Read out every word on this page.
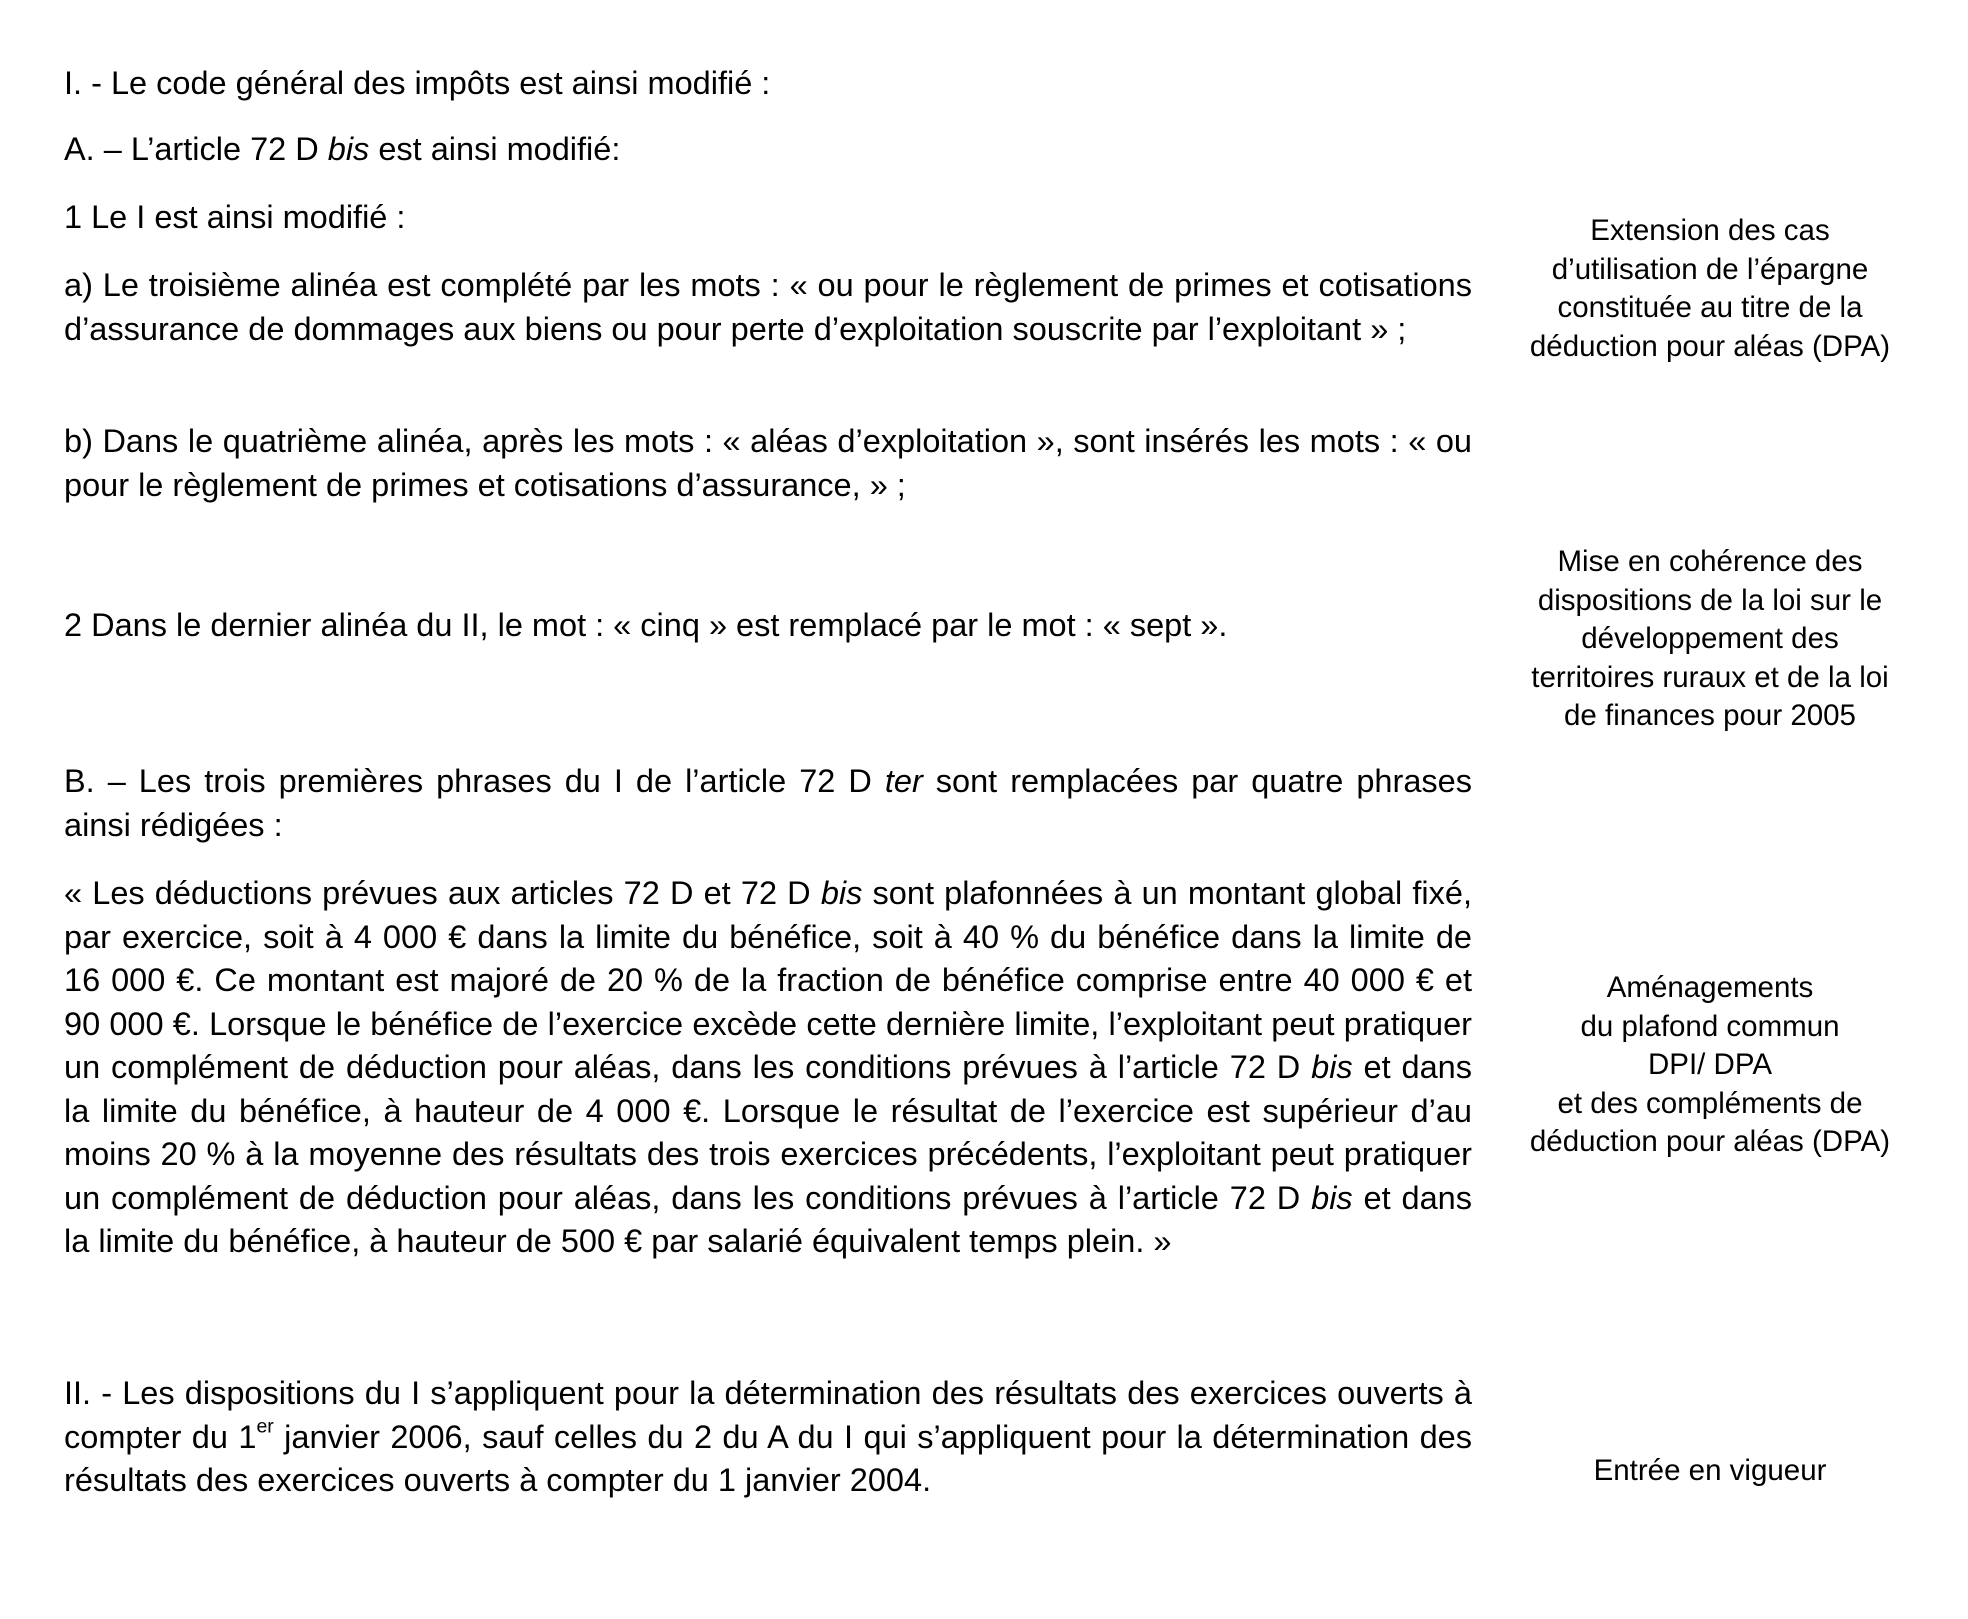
I. - Le code général des impôts est ainsi modifié :

A. – L’article 72 D bis est ainsi modifié:

1 Le I est ainsi modifié :

a) Le troisième alinéa est complété par les mots : « ou pour le règlement de primes et cotisations d’assurance de dommages aux biens ou pour perte d’exploitation souscrite par l’exploitant » ;

b) Dans le quatrième alinéa, après les mots : « aléas d’exploitation », sont insérés les mots : « ou pour le règlement de primes et cotisations d’assurance, » ;

2 Dans le dernier alinéa du II, le mot : « cinq » est remplacé par le mot : « sept ».

B. – Les trois premières phrases du I de l’article 72 D ter sont remplacées par quatre phrases ainsi rédigées :

« Les déductions prévues aux articles 72 D et 72 D bis sont plafonnées à un montant global fixé, par exercice, soit à 4 000 € dans la limite du bénéfice, soit à 40 % du bénéfice dans la limite de 16 000 €. Ce montant est majoré de 20 % de la fraction de bénéfice comprise entre 40 000 € et 90 000 €. Lorsque le bénéfice de l’exercice excède cette dernière limite, l’exploitant peut pratiquer un complément de déduction pour aléas, dans les conditions prévues à l’article 72 D bis et dans la limite du bénéfice, à hauteur de 4 000 €. Lorsque le résultat de l’exercice est supérieur d’au moins 20 % à la moyenne des résultats des trois exercices précédents, l’exploitant peut pratiquer un complément de déduction pour aléas, dans les conditions prévues à l’article 72 D bis et dans la limite du bénéfice, à hauteur de 500 € par salarié équivalent temps plein. »

II. - Les dispositions du I s’appliquent pour la détermination des résultats des exercices ouverts à compter du 1er janvier 2006, sauf celles du 2 du A du I qui s’appliquent pour la détermination des résultats des exercices ouverts à compter du 1 janvier 2004.

Extension des cas
d’utilisation de l’épargne
constituée au titre de la
déduction pour aléas (DPA)
Mise en cohérence des
dispositions de la loi sur le
développement des
territoires ruraux et de la loi
de finances pour 2005
Aménagements
du plafond commun
DPI/ DPA
et des compléments de
déduction pour aléas (DPA)
Entrée en vigueur
